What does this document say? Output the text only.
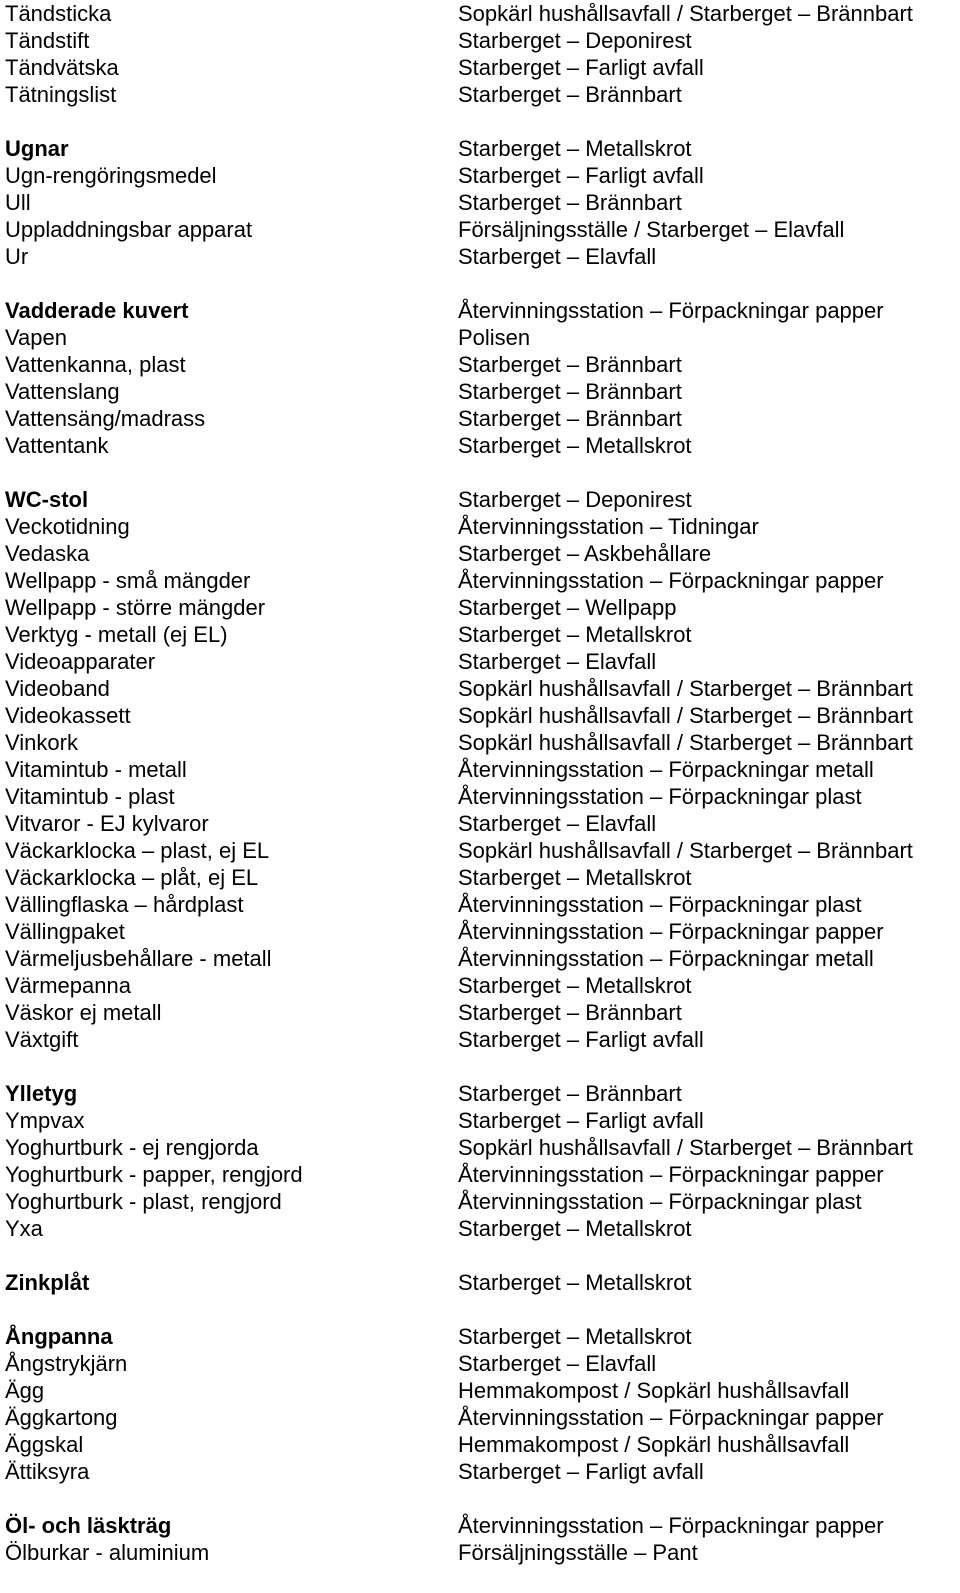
Tändsticka	Sopkärl hushållsavfall / Starberget – Brännbart
Tändstift	Starberget – Deponirest
Tändvätska	Starberget – Farligt avfall
Tätningslist	Starberget – Brännbart
Ugnar	Starberget – Metallskrot
Ugn-rengöringsmedel	Starberget – Farligt avfall
Ull	Starberget – Brännbart
Uppladdningsbar apparat	Försäljningsställe / Starberget – Elavfall
Ur	Starberget – Elavfall
Vadderade kuvert	Återvinningsstation – Förpackningar papper
Vapen	Polisen
Vattenkanna, plast	Starberget – Brännbart
Vattenslang	Starberget – Brännbart
Vattensäng/madrass	Starberget – Brännbart
Vattentank	Starberget – Metallskrot
WC-stol	Starberget – Deponirest
Veckotidning	Återvinningsstation – Tidningar
Vedaska	Starberget – Askbehållare
Wellpapp - små mängder	Återvinningsstation – Förpackningar papper
Wellpapp - större mängder	Starberget – Wellpapp
Verktyg - metall (ej EL)	Starberget – Metallskrot
Videoapparater	Starberget – Elavfall
Videoband	Sopkärl hushållsavfall / Starberget – Brännbart
Videokassett	Sopkärl hushållsavfall / Starberget – Brännbart
Vinkork	Sopkärl hushållsavfall / Starberget – Brännbart
Vitamintub - metall	Återvinningsstation – Förpackningar metall
Vitamintub - plast	Återvinningsstation – Förpackningar plast
Vitvaror - EJ kylvaror	Starberget – Elavfall
Väckarklocka – plast, ej EL	Sopkärl hushållsavfall / Starberget – Brännbart
Väckarklocka – plåt, ej EL	Starberget – Metallskrot
Vällingflaska – hårdplast	Återvinningsstation – Förpackningar plast
Vällingpaket	Återvinningsstation – Förpackningar papper
Värmeljusbehållare - metall	Återvinningsstation – Förpackningar metall
Värmepanna	Starberget – Metallskrot
Väskor ej metall	Starberget – Brännbart
Växtgift	Starberget – Farligt avfall
Ylletyg	Starberget – Brännbart
Ympvax	Starberget – Farligt avfall
Yoghurtburk - ej rengjorda	Sopkärl hushållsavfall / Starberget – Brännbart
Yoghurtburk - papper, rengjord	Återvinningsstation – Förpackningar papper
Yoghurtburk - plast, rengjord	Återvinningsstation – Förpackningar plast
Yxa	Starberget – Metallskrot
Zinkplåt	Starberget – Metallskrot
Ångpanna	Starberget – Metallskrot
Ångstrykjärn	Starberget – Elavfall
Ägg	Hemmakompost / Sopkärl hushållsavfall
Äggkartong	Återvinningsstation – Förpackningar papper
Äggskal	Hemmakompost / Sopkärl hushållsavfall
Ättiksyra	Starberget – Farligt avfall
Öl- och läskträg	Återvinningsstation – Förpackningar papper
Ölburkar - aluminium	Försäljningsställe – Pant
